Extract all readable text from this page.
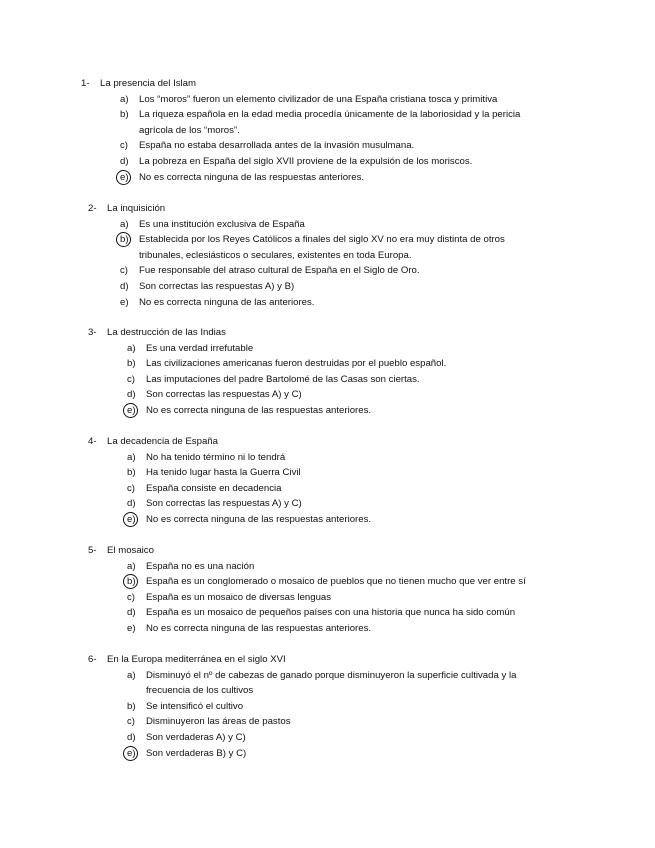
1- La presencia del Islam
a) Los “moros” fueron un elemento civilizador de una España cristiana tosca y primitiva
b) La riqueza española en la edad media procedía únicamente de la laboriosidad y la pericia
agrícola de los “moros”.
c) España no estaba desarrollada antes de la invasión musulmana.
d) La pobreza en España del siglo XVII proviene de la expulsión de los moriscos.
e) No es correcta ninguna de las respuestas anteriores.
2- La inquisición
a) Es una institución exclusiva de España
b) Establecida por los Reyes Católicos a finales del siglo XV no era muy distinta de otros
tribunales, eclesiásticos o seculares, existentes en toda Europa.
c) Fue responsable del atraso cultural de España en el Siglo de Oro.
d) Son correctas las respuestas A) y B)
e) No es correcta ninguna de las anteriores.
3- La destrucción de las Indias
a) Es una verdad irrefutable
b) Las civilizaciones americanas fueron destruidas por el pueblo español.
c) Las imputaciones del padre Bartolomé de las Casas son ciertas.
d) Son correctas las respuestas A) y C)
e) No es correcta ninguna de las respuestas anteriores.
4- La decadencia de España
a) No ha tenido término ni lo tendrá
b) Ha tenido lugar hasta la Guerra Civil
c) España consiste en decadencia
d) Son correctas las respuestas A) y C)
e) No es correcta ninguna de las respuestas anteriores.
5- El mosaico
a) España no es una nación
b) España es un conglomerado o mosaico de pueblos que no tienen mucho que ver entre sí
c) España es un mosaico de diversas lenguas
d) España es un mosaico de pequeños países con una historia que nunca ha sido común
e) No es correcta ninguna de las respuestas anteriores.
6- En la Europa mediterránea en el siglo XVI
a) Disminuyó el nº de cabezas de ganado porque disminuyeron la superficie cultivada y la
frecuencia de los cultivos
b) Se intensificó el cultivo
c) Disminuyeron las áreas de pastos
d) Son verdaderas A) y C)
e) Son verdaderas B) y C)
